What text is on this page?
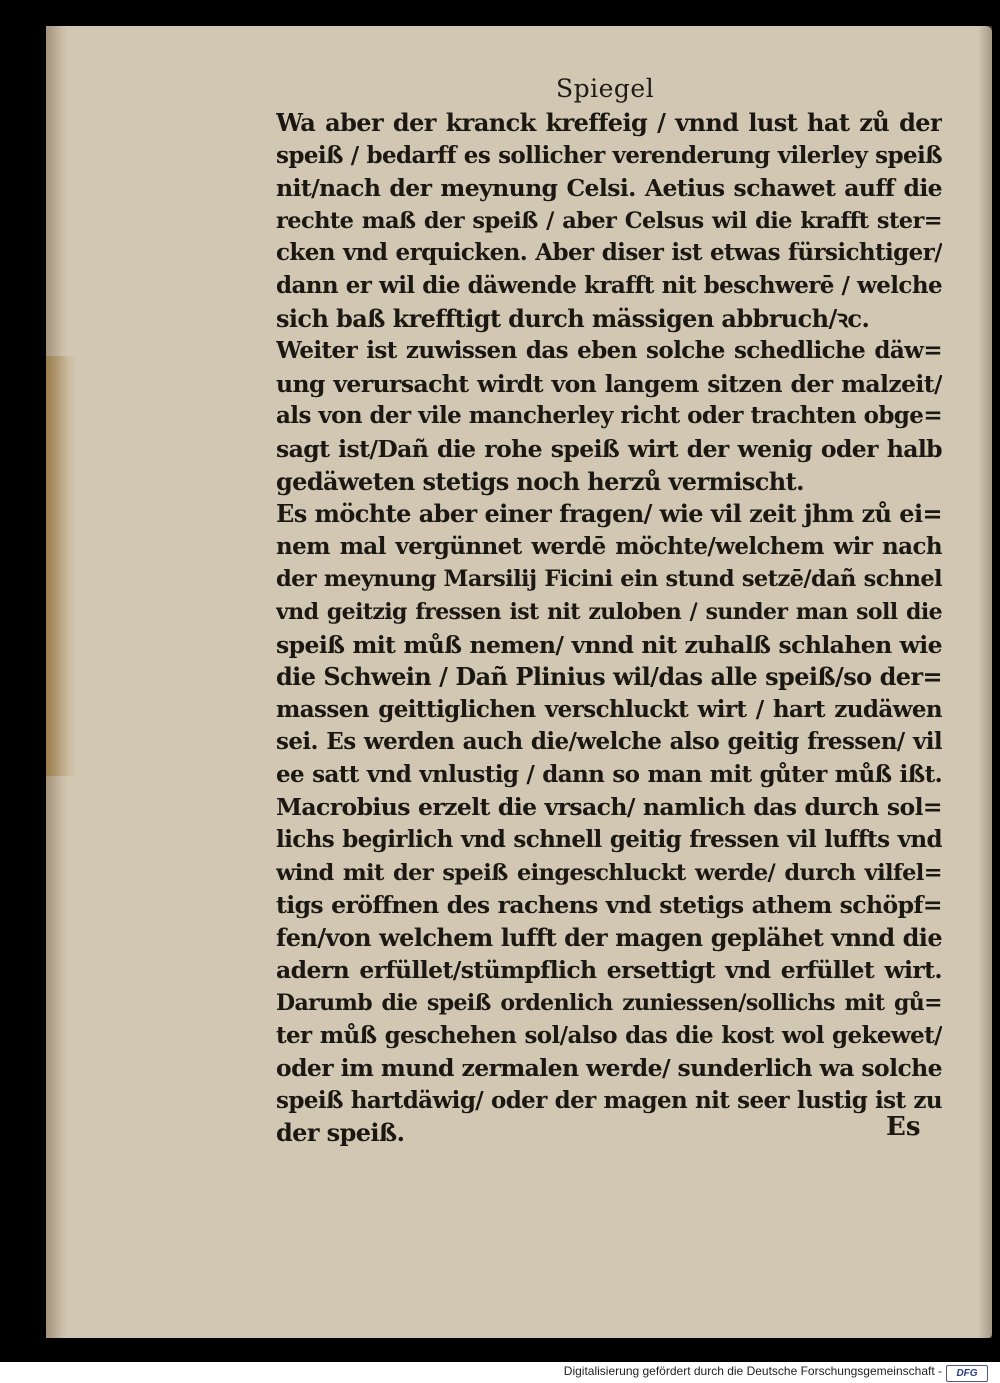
Spiegel
Wa aber der kranck kreffeig / vnnd lust hat zů der
speiß / bedarff es sollicher verenderung vilerley speiß
nit/nach der meynung Celsi. Aetius schawet auff die
rechte maß der speiß / aber Celsus wil die krafft ster=
cken vnd erquicken. Aber diser ist etwas fürsichtiger/
dann er wil die däwende krafft nit beschwerē / welche
sich baß krefftigt durch mässigen abbruch/ꝛc.
Weiter ist zuwissen das eben solche schedliche däw=
ung verursacht wirdt von langem sitzen der malzeit/
als von der vile mancherley richt oder trachten obge=
sagt ist/Dañ die rohe speiß wirt der wenig oder halb
gedäweten stetigs noch herzů vermischt.
Es möchte aber einer fragen/ wie vil zeit jhm zů ei=
nem mal vergünnet werdē möchte/welchem wir nach
der meynung Marsilij Ficini ein stund setzē/dañ schnel
vnd geitzig fressen ist nit zuloben / sunder man soll die
speiß mit můß nemen/ vnnd nit zuhalß schlahen wie
die Schwein / Dañ Plinius wil/das alle speiß/so der=
massen geittiglichen verschluckt wirt / hart zudäwen
sei. Es werden auch die/welche also geitig fressen/ vil
ee satt vnd vnlustig / dann so man mit gůter můß ißt.
Macrobius erzelt die vrsach/ namlich das durch sol=
lichs begirlich vnd schnell geitig fressen vil luffts vnd
wind mit der speiß eingeschluckt werde/ durch vilfel=
tigs eröffnen des rachens vnd stetigs athem schöpf=
fen/von welchem lufft der magen geplähet vnnd die
adern erfüllet/stümpflich ersettigt vnd erfüllet wirt.
Darumb die speiß ordenlich zuniessen/sollichs mit gů=
ter můß geschehen sol/also das die kost wol gekewet/
oder im mund zermalen werde/ sunderlich wa solche
speiß hartdäwig/ oder der magen nit seer lustig ist zu
der speiß.	Es
Digitalisierung gefördert durch die Deutsche Forschungsgemeinschaft -	DFG
